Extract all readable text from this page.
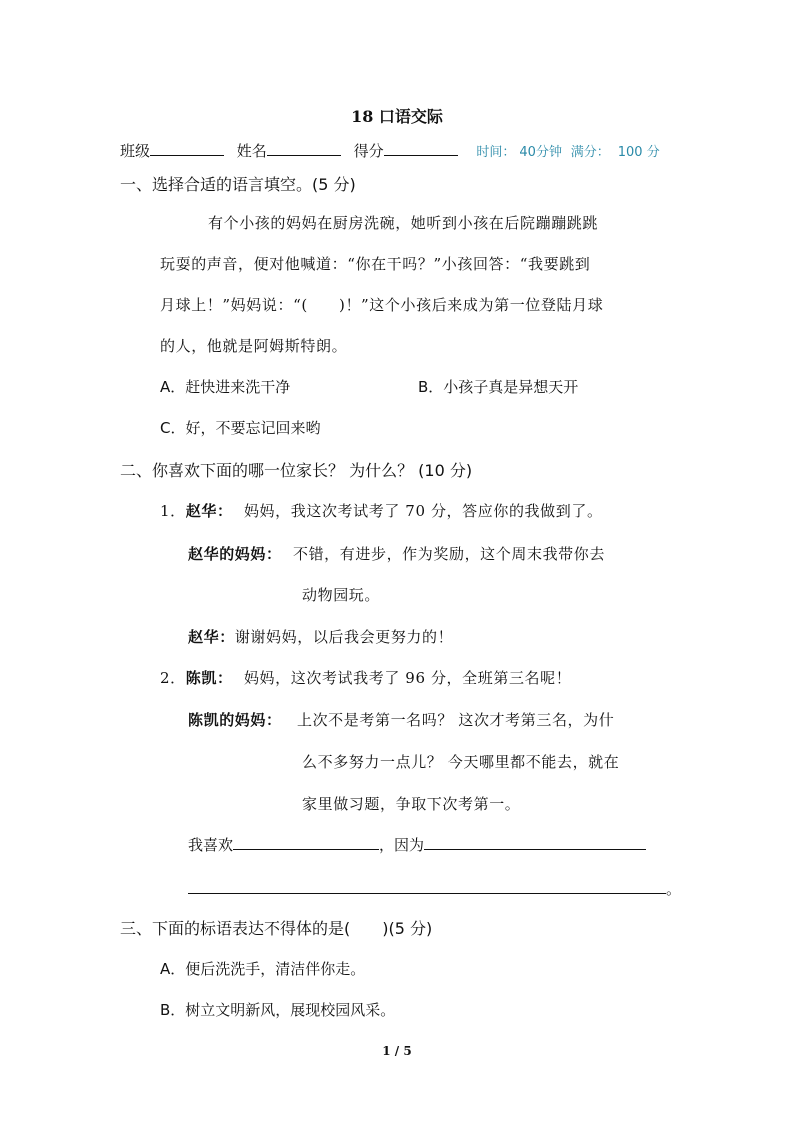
18 口语交际
班级	姓名	得分	时间： 40分钟 满分： 100 分
一、选择合适的语言填空。(5 分)
有个小孩的妈妈在厨房洗碗，她听到小孩在后院蹦蹦跳跳
玩耍的声音，便对他喊道：“你在干吗？”小孩回答：“我要跳到
月球上！”妈妈说：“(　　)！”这个小孩后来成为第一位登陆月球
的人，他就是阿姆斯特朗。
A．赶快进来洗干净	B．小孩子真是异想天开
C．好，不要忘记回来哟
二、你喜欢下面的哪一位家长？ 为什么？ (10 分)
1．赵华： 妈妈，我这次考试考了 70 分，答应你的我做到了。
赵华的妈妈： 不错，有进步，作为奖励，这个周末我带你去
动物园玩。
赵华：谢谢妈妈，以后我会更努力的！
2．陈凯： 妈妈，这次考试我考了 96 分，全班第三名呢！
陈凯的妈妈： 上次不是考第一名吗？ 这次才考第三名，为什
么不多努力一点儿？ 今天哪里都不能去，就在
家里做习题，争取下次考第一。
我喜欢	，因为
。
三、下面的标语表达不得体的是(　　)(5 分)
A．便后洗洗手，清洁伴你走。
B．树立文明新风，展现校园风采。
1 / 5
